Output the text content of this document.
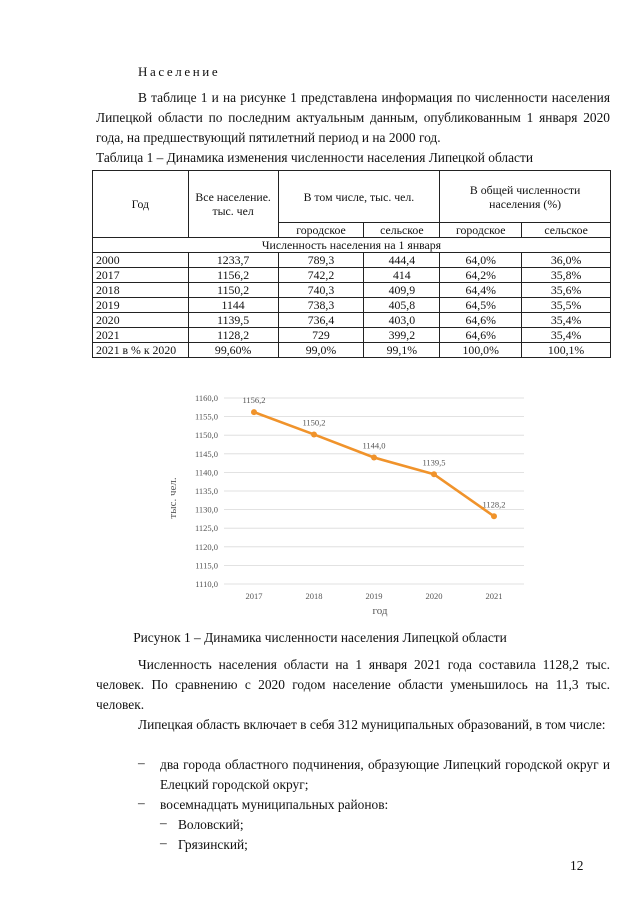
Население

В таблице 1 и на рисунке 1 представлена информация по численности населения Липецкой области по последним актуальным данным, опубликованным 1 января 2020 года, на предшествующий пятилетний период и на 2000 год.

Таблица 1 – Динамика изменения численности населения Липецкой области
Год	Все население. тыс. чел	В том числе, тыс. чел.		В общей численности населения (%)	
		городское	сельское	городское	сельское
Численность населения на 1 января					
2000	1233,7	789,3	444,4	64,0%	36,0%
2017	1156,2	742,2	414	64,2%	35,8%
2018	1150,2	740,3	409,9	64,4%	35,6%
2019	1144	738,3	405,8	64,5%	35,5%
2020	1139,5	736,4	403,0	64,6%	35,4%
2021	1128,2	729	399,2	64,6%	35,4%
2021 в % к 2020	99,60%	99,0%	99,1%	100,0%	100,1%
1110,0
1115,0
1120,0
1125,0
1130,0
1135,0
1140,0
1145,0
1150,0
1155,0
1160,0
2017	2018	2019	2020	2021
1156,2
1150,2
1144,0
1139,5
1128,2
тыс. чел.
год
Рисунок 1 – Динамика численности населения Липецкой области

Численность населения области на 1 января 2021 года составила 1128,2 тыс. человек. По сравнению с 2020 годом население области уменьшилось на 11,3 тыс. человек.

Липецкая область включает в себя 312 муниципальных образований, в том числе:

– два города областного подчинения, образующие Липецкий городской округ и Елецкий городской округ;
– восемнадцать муниципальных районов:
– Воловский;
– Грязинский;
12
